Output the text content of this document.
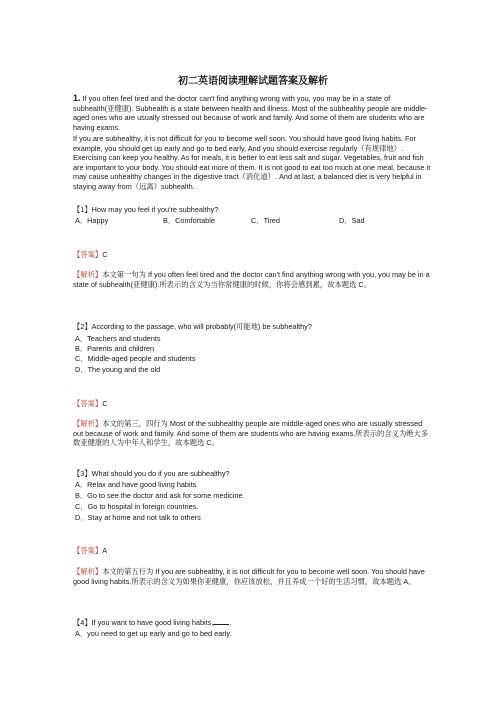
初二英语阅读理解试题答案及解析
1. If you often feel tired and the doctor can't find anything wrong with you, you may be in a state of subhealth(亚健康). Subhealth is a state between health and illness. Most of the subhealthy people are middle-aged ones who are usually stressed out because of work and family. And some of them are students who are having exams.
If you are subhealthy, it is not difficult for you to become well soon. You should have good living habits. For example, you should get up early and go to bed early, And you should exercise regularly（有规律地）. Exercising can keep you healthy. As for meals, it is better to eat less salt and sugar. Vegetables, fruit and fish are important to your body. You should eat more of them. It is not good to eat too much at one meal, because it may cause unhealthy changes in the digestive tract（消化道）. And at last, a balanced diet is very helpful in staying away from（远离）subhealth.
【1】How may you feel if you're subhealthy?
A．Happy	B．Comfortable	C．Tired	D．Sad
【答案】C
【解析】本文第一句为 If you often feel tired and the doctor can't find anything wrong with you, you may be in a state of subhealth(亚健康).所表示的含义为当你常健康的时候，你将会感到累，故本题选 C。
【2】According to the passage, who will probably(可能地) be subhealthy?
A．Teachers and students
B．Parents and children
C．Middle-aged people and students
D．The young and the old
【答案】C
【解析】本文的第三，四行为 Most of the subhealthy people are middle-aged ones who are usually stressed out because of work and family. And some of them are students who are having exams.所表示的含义为绝大多数亚健康的人为中年人和学生，故本题选 C。
【3】What should you do if you are subhealthy?
A．Relax and have good living habits
B．Go to see the doctor and ask for some medicine.
C．Go to hospital in foreign countries.
D．Stay at home and not talk to others
【答案】A
【解析】本文的第五行为 If you are subhealthy, it is not difficult for you to become well soon. You should have good living habits.所表示的含义为如果你亚健康，你应该放松，并且养成一个好的生活习惯，故本题选 A。
【4】If you want to have good living habits, .
A．you need to get up early and go to bed early.
